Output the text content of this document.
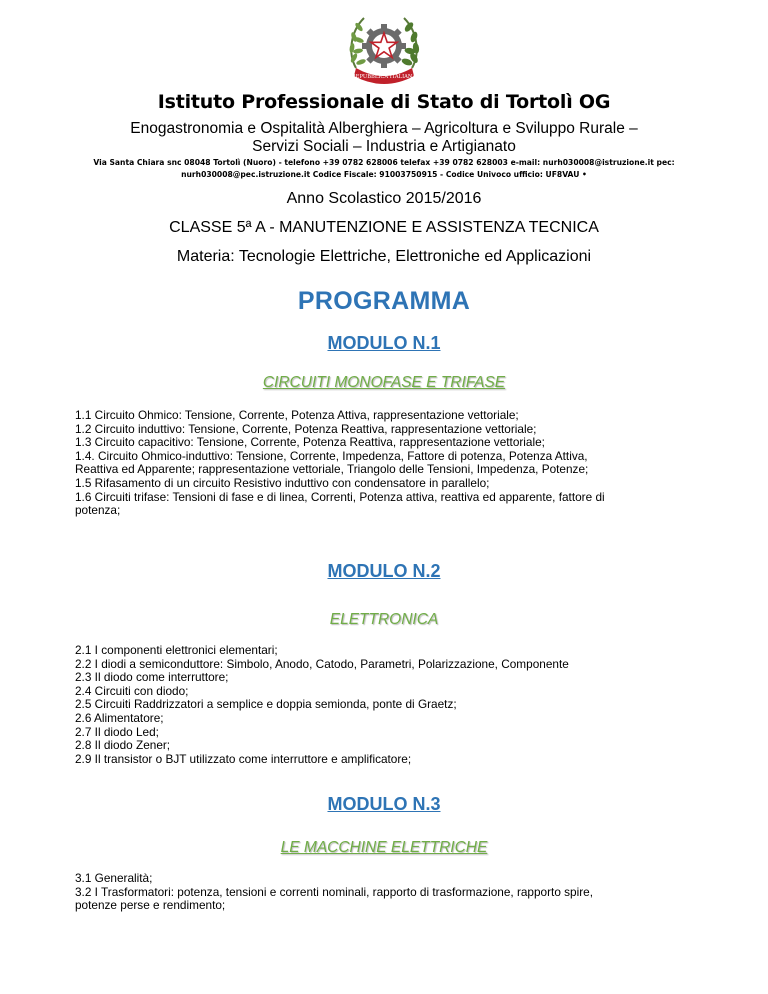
REPUBBLICA ITALIANA
Istituto Professionale di Stato di Tortolì OG
Enogastronomia e Ospitalità Alberghiera – Agricoltura e Sviluppo Rurale –
Servizi Sociali – Industria e Artigianato
Via Santa Chiara snc 08048 Tortolì (Nuoro) - telefono +39 0782 628006 telefax +39 0782 628003 e-mail: nurh030008@istruzione.it pec:
nurh030008@pec.istruzione.it Codice Fiscale: 91003750915 - Codice Univoco ufficio: UF8VAU •
Anno Scolastico 2015/2016
CLASSE 5ª A - MANUTENZIONE E ASSISTENZA TECNICA
Materia: Tecnologie Elettriche, Elettroniche ed Applicazioni
PROGRAMMA
MODULO N.1
CIRCUITI MONOFASE E TRIFASE
1.1 Circuito Ohmico: Tensione, Corrente, Potenza Attiva, rappresentazione vettoriale;
1.2 Circuito induttivo: Tensione, Corrente, Potenza Reattiva, rappresentazione vettoriale;
1.3 Circuito capacitivo: Tensione, Corrente, Potenza Reattiva, rappresentazione vettoriale;
1.4. Circuito Ohmico-induttivo: Tensione, Corrente, Impedenza, Fattore di potenza, Potenza Attiva,
Reattiva ed Apparente; rappresentazione vettoriale, Triangolo delle Tensioni, Impedenza, Potenze;
1.5 Rifasamento di un circuito Resistivo induttivo con condensatore in parallelo;
1.6 Circuiti trifase: Tensioni di fase e di linea, Correnti, Potenza attiva, reattiva ed apparente, fattore di
potenza;
MODULO N.2
ELETTRONICA
2.1 I componenti elettronici elementari;
2.2 I diodi a semiconduttore: Simbolo, Anodo, Catodo, Parametri, Polarizzazione, Componente
2.3 Il diodo come interruttore;
2.4 Circuiti con diodo;
2.5 Circuiti Raddrizzatori a semplice e doppia semionda, ponte di Graetz;
2.6 Alimentatore;
2.7 Il diodo Led;
2.8 Il diodo Zener;
2.9 Il transistor o BJT utilizzato come interruttore e amplificatore;
MODULO N.3
LE MACCHINE ELETTRICHE
3.1 Generalità;
3.2 I Trasformatori: potenza, tensioni e correnti nominali, rapporto di trasformazione, rapporto spire,
potenze perse e rendimento;
